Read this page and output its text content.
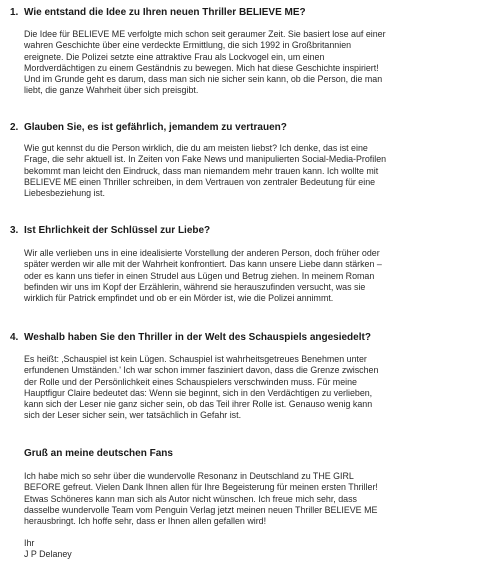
1. Wie entstand die Idee zu Ihren neuen Thriller BELIEVE ME?

Die Idee für BELIEVE ME verfolgte mich schon seit geraumer Zeit. Sie basiert lose auf einer
wahren Geschichte über eine verdeckte Ermittlung, die sich 1992 in Großbritannien
ereignete. Die Polizei setzte eine attraktive Frau als Lockvogel ein, um einen
Mordverdächtigen zu einem Geständnis zu bewegen. Mich hat diese Geschichte inspiriert!
Und im Grunde geht es darum, dass man sich nie sicher sein kann, ob die Person, die man
liebt, die ganze Wahrheit über sich preisgibt.

2. Glauben Sie, es ist gefährlich, jemandem zu vertrauen?

Wie gut kennst du die Person wirklich, die du am meisten liebst? Ich denke, das ist eine
Frage, die sehr aktuell ist. In Zeiten von Fake News und manipulierten Social-Media-Profilen
bekommt man leicht den Eindruck, dass man niemandem mehr trauen kann. Ich wollte mit
BELIEVE ME einen Thriller schreiben, in dem Vertrauen von zentraler Bedeutung für eine
Liebesbeziehung ist.

3. Ist Ehrlichkeit der Schlüssel zur Liebe?

Wir alle verlieben uns in eine idealisierte Vorstellung der anderen Person, doch früher oder
später werden wir alle mit der Wahrheit konfrontiert. Das kann unsere Liebe dann stärken –
oder es kann uns tiefer in einen Strudel aus Lügen und Betrug ziehen. In meinem Roman
befinden wir uns im Kopf der Erzählerin, während sie herauszufinden versucht, was sie
wirklich für Patrick empfindet und ob er ein Mörder ist, wie die Polizei annimmt.

4. Weshalb haben Sie den Thriller in der Welt des Schauspiels angesiedelt?

Es heißt: ‚Schauspiel ist kein Lügen. Schauspiel ist wahrheitsgetreues Benehmen unter
erfundenen Umständen.' Ich war schon immer fasziniert davon, dass die Grenze zwischen
der Rolle und der Persönlichkeit eines Schauspielers verschwinden muss. Für meine
Hauptfigur Claire bedeutet das: Wenn sie beginnt, sich in den Verdächtigen zu verlieben,
kann sich der Leser nie ganz sicher sein, ob das Teil ihrer Rolle ist. Genauso wenig kann
sich der Leser sicher sein, wer tatsächlich in Gefahr ist.

Gruß an meine deutschen Fans

Ich habe mich so sehr über die wundervolle Resonanz in Deutschland zu THE GIRL
BEFORE gefreut. Vielen Dank Ihnen allen für Ihre Begeisterung für meinen ersten Thriller!
Etwas Schöneres kann man sich als Autor nicht wünschen. Ich freue mich sehr, dass
dasselbe wundervolle Team vom Penguin Verlag jetzt meinen neuen Thriller BELIEVE ME
herausbringt. Ich hoffe sehr, dass er Ihnen allen gefallen wird!
Ihr
J P Delaney
